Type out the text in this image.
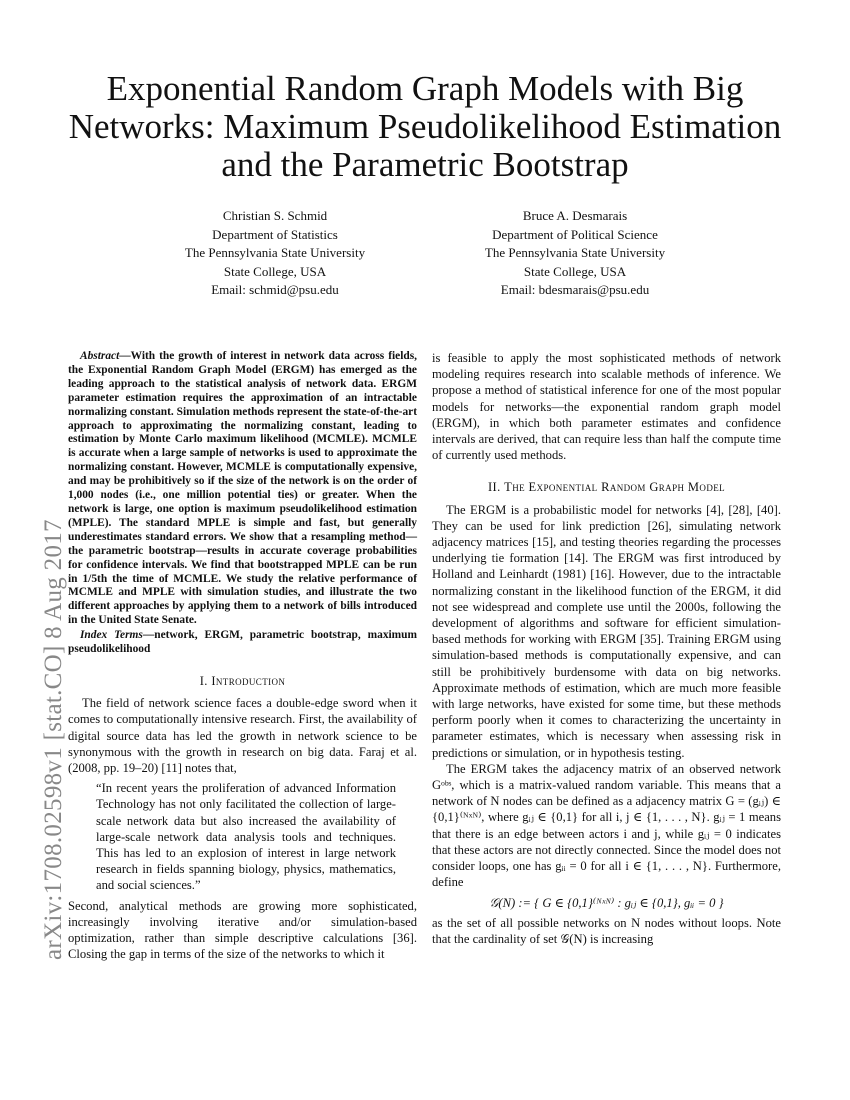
Exponential Random Graph Models with Big
Networks: Maximum Pseudolikelihood Estimation
and the Parametric Bootstrap
Christian S. Schmid
Department of Statistics
The Pennsylvania State University
State College, USA
Email: schmid@psu.edu
Bruce A. Desmarais
Department of Political Science
The Pennsylvania State University
State College, USA
Email: bdesmarais@psu.edu
arXiv:1708.02598v1 [stat.CO] 8 Aug 2017

Abstract—With the growth of interest in network data across fields, the Exponential Random Graph Model (ERGM) has emerged as the leading approach to the statistical analysis of network data. ERGM parameter estimation requires the approximation of an intractable normalizing constant. Simulation methods represent the state-of-the-art approach to approximating the normalizing constant, leading to estimation by Monte Carlo maximum likelihood (MCMLE). MCMLE is accurate when a large sample of networks is used to approximate the normalizing constant. However, MCMLE is computationally expensive, and may be prohibitively so if the size of the network is on the order of 1,000 nodes (i.e., one million potential ties) or greater. When the network is large, one option is maximum pseudolikelihood estimation (MPLE). The standard MPLE is simple and fast, but generally underestimates standard errors. We show that a resampling method—the parametric bootstrap—results in accurate coverage probabilities for confidence intervals. We find that bootstrapped MPLE can be run in 1/5th the time of MCMLE. We study the relative performance of MCMLE and MPLE with simulation studies, and illustrate the two different approaches by applying them to a network of bills introduced in the United State Senate.

Index Terms—network, ERGM, parametric bootstrap, maximum pseudolikelihood

I. Introduction

The field of network science faces a double-edge sword when it comes to computationally intensive research. First, the availability of digital source data has led the growth in network science to be synonymous with the growth in research on big data. Faraj et al. (2008, pp. 19–20) [11] notes that,

“In recent years the proliferation of advanced Information Technology has not only facilitated the collection of large-scale network data but also increased the availability of large-scale network data analysis tools and techniques. This has led to an explosion of interest in large network research in fields spanning biology, physics, mathematics, and social sciences.”

Second, analytical methods are growing more sophisticated, increasingly involving iterative and/or simulation-based optimization, rather than simple descriptive calculations [36]. Closing the gap in terms of the size of the networks to which it

is feasible to apply the most sophisticated methods of network modeling requires research into scalable methods of inference. We propose a method of statistical inference for one of the most popular models for networks—the exponential random graph model (ERGM), in which both parameter estimates and confidence intervals are derived, that can require less than half the compute time of currently used methods.

II. The Exponential Random Graph Model

The ERGM is a probabilistic model for networks [4], [28], [40]. They can be used for link prediction [26], simulating network adjacency matrices [15], and testing theories regarding the processes underlying tie formation [14]. The ERGM was first introduced by Holland and Leinhardt (1981) [16]. However, due to the intractable normalizing constant in the likelihood function of the ERGM, it did not see widespread and complete use until the 2000s, following the development of algorithms and software for efficient simulation-based methods for working with ERGM [35]. Training ERGM using simulation-based methods is computationally expensive, and can still be prohibitively burdensome with data on big networks. Approximate methods of estimation, which are much more feasible with large networks, have existed for some time, but these methods perform poorly when it comes to characterizing the uncertainty in parameter estimates, which is necessary when assessing risk in predictions or simulation, or in hypothesis testing.

The ERGM takes the adjacency matrix of an observed network Gᵒᵇˢ, which is a matrix-valued random variable. This means that a network of N nodes can be defined as a adjacency matrix G = (gᵢⱼ) ∈ {0,1}⁽ᴺˣᴺ⁾, where gᵢⱼ ∈ {0,1} for all i, j ∈ {1, . . . , N}. gᵢⱼ = 1 means that there is an edge between actors i and j, while gᵢⱼ = 0 indicates that these actors are not directly connected. Since the model does not consider loops, one has gᵢᵢ = 0 for all i ∈ {1, . . . , N}. Furthermore, define

𝒢(N) := { G ∈ {0,1}⁽ᴺˣᴺ⁾ : gᵢⱼ ∈ {0,1}, gᵢᵢ = 0 }

as the set of all possible networks on N nodes without loops. Note that the cardinality of set 𝒢(N) is increasing
